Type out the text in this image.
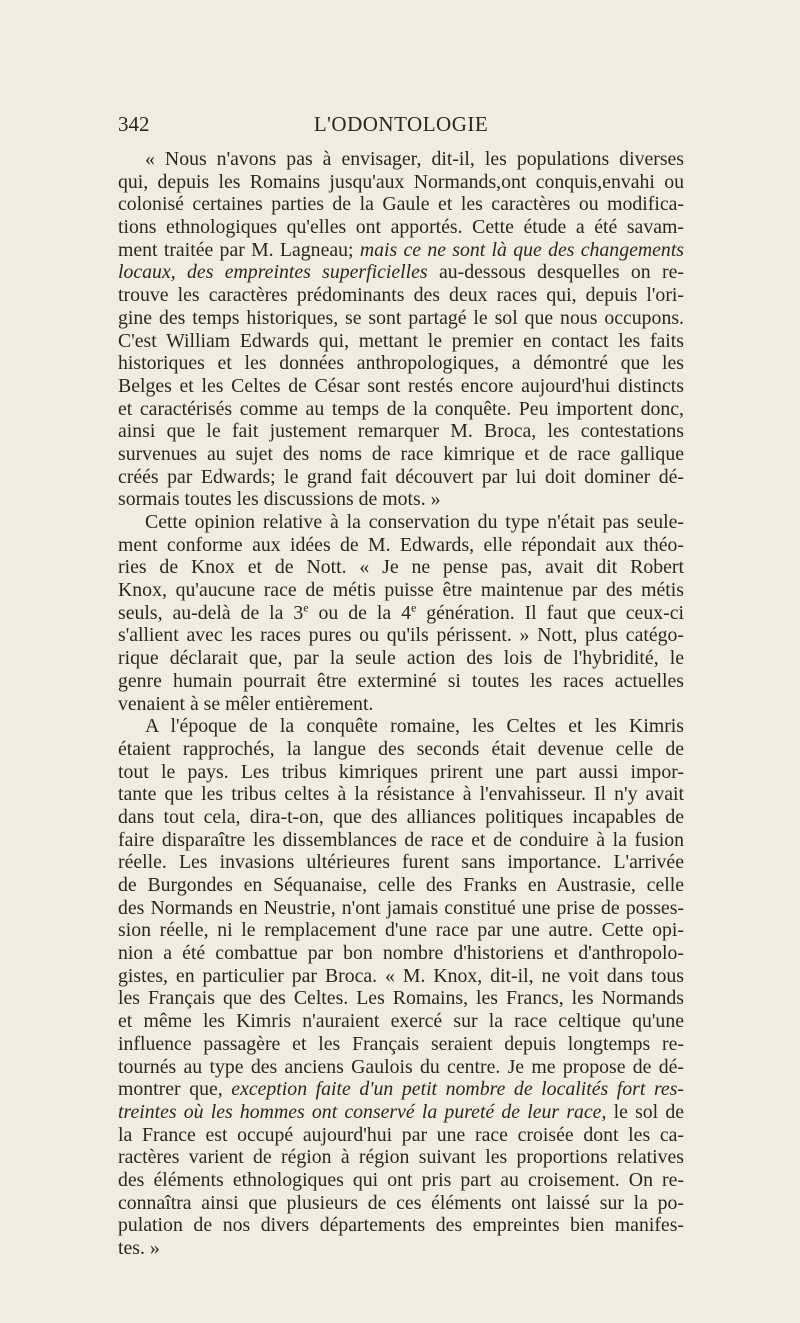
342	L'ODONTOLOGIE
« Nous n'avons pas à envisager, dit-il, les populations diverses
qui, depuis les Romains jusqu'aux Normands,ont conquis,envahi ou
colonisé certaines parties de la Gaule et les caractères ou modifica-
tions ethnologiques qu'elles ont apportés. Cette étude a été savam-
ment traitée par M. Lagneau; mais ce ne sont là que des changements
locaux, des empreintes superficielles au-dessous desquelles on re-
trouve les caractères prédominants des deux races qui, depuis l'ori-
gine des temps historiques, se sont partagé le sol que nous occupons.
C'est William Edwards qui, mettant le premier en contact les faits
historiques et les données anthropologiques, a démontré que les
Belges et les Celtes de César sont restés encore aujourd'hui distincts
et caractérisés comme au temps de la conquête. Peu importent donc,
ainsi que le fait justement remarquer M. Broca, les contestations
survenues au sujet des noms de race kimrique et de race gallique
créés par Edwards; le grand fait découvert par lui doit dominer dé-
sormais toutes les discussions de mots. »
Cette opinion relative à la conservation du type n'était pas seule-
ment conforme aux idées de M. Edwards, elle répondait aux théo-
ries de Knox et de Nott. « Je ne pense pas, avait dit Robert
Knox, qu'aucune race de métis puisse être maintenue par des métis
seuls, au-delà de la 3e ou de la 4e génération. Il faut que ceux-ci
s'allient avec les races pures ou qu'ils périssent. » Nott, plus catégo-
rique déclarait que, par la seule action des lois de l'hybridité, le
genre humain pourrait être exterminé si toutes les races actuelles
venaient à se mêler entièrement.
A l'époque de la conquête romaine, les Celtes et les Kimris
étaient rapprochés, la langue des seconds était devenue celle de
tout le pays. Les tribus kimriques prirent une part aussi impor-
tante que les tribus celtes à la résistance à l'envahisseur. Il n'y avait
dans tout cela, dira-t-on, que des alliances politiques incapables de
faire disparaître les dissemblances de race et de conduire à la fusion
réelle. Les invasions ultérieures furent sans importance. L'arrivée
de Burgondes en Séquanaise, celle des Franks en Austrasie, celle
des Normands en Neustrie, n'ont jamais constitué une prise de posses-
sion réelle, ni le remplacement d'une race par une autre. Cette opi-
nion a été combattue par bon nombre d'historiens et d'anthropolo-
gistes, en particulier par Broca. « M. Knox, dit-il, ne voit dans tous
les Français que des Celtes. Les Romains, les Francs, les Normands
et même les Kimris n'auraient exercé sur la race celtique qu'une
influence passagère et les Français seraient depuis longtemps re-
tournés au type des anciens Gaulois du centre. Je me propose de dé-
montrer que, exception faite d'un petit nombre de localités fort res-
treintes où les hommes ont conservé la pureté de leur race, le sol de
la France est occupé aujourd'hui par une race croisée dont les ca-
ractères varient de région à région suivant les proportions relatives
des éléments ethnologiques qui ont pris part au croisement. On re-
connaîtra ainsi que plusieurs de ces éléments ont laissé sur la po-
pulation de nos divers départements des empreintes bien manifes-
tes. »
